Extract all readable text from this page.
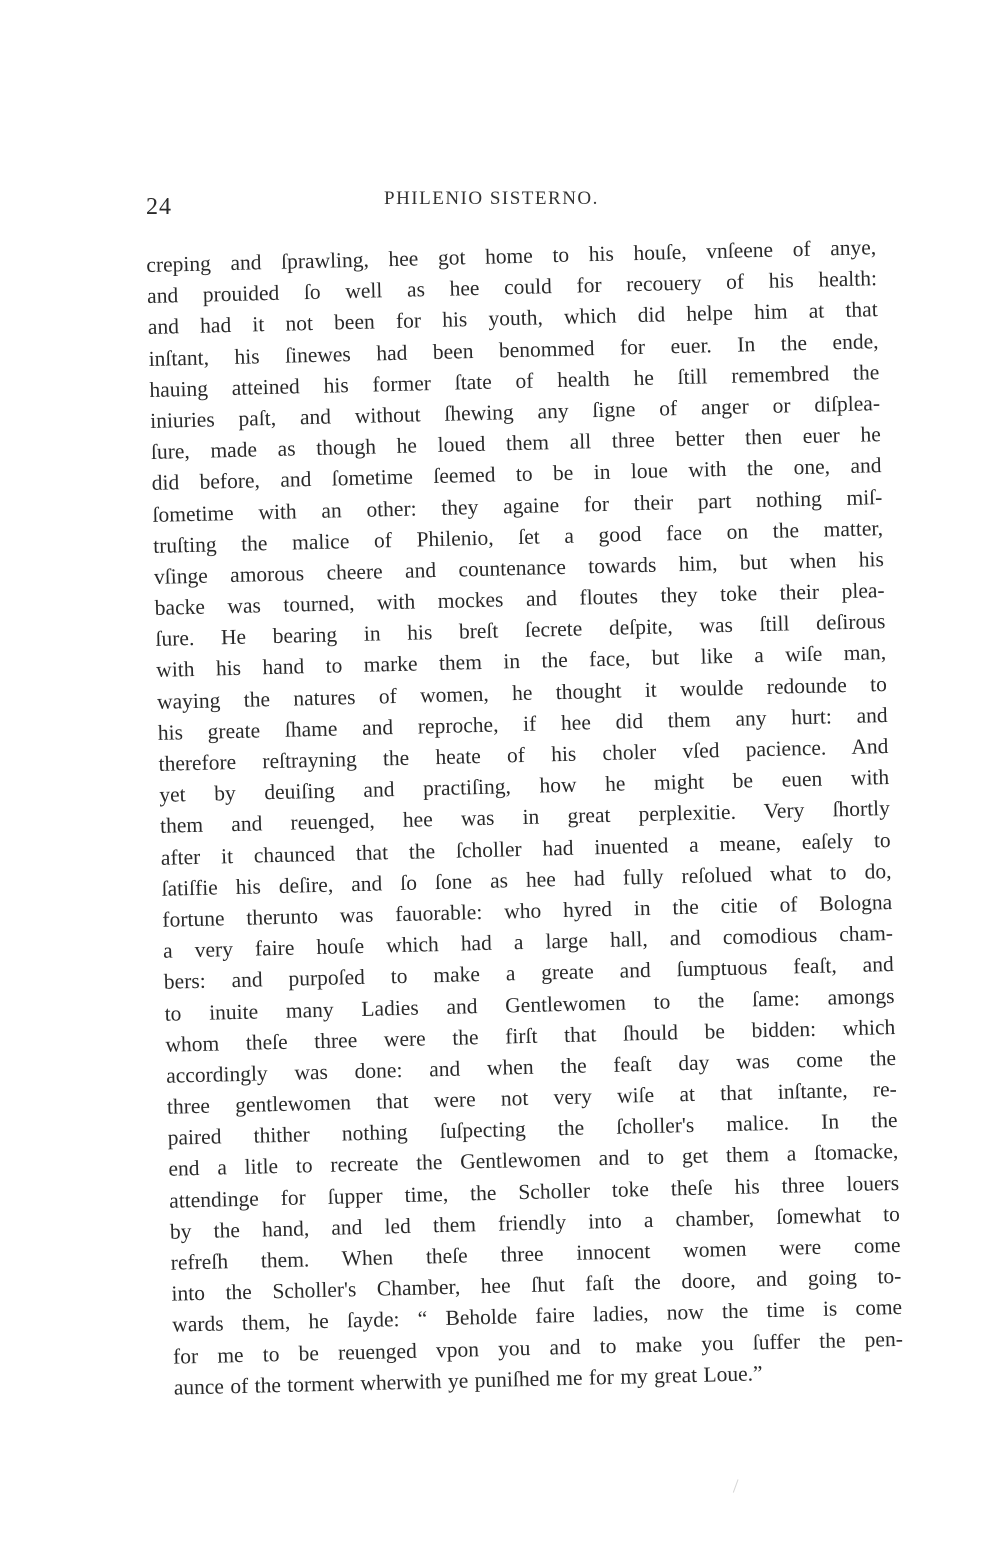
24	PHILENIO SISTERNO.
creping and ſprawling, hee got home to his houſe, vnſeene of anye,
and prouided ſo well as hee could for recouery of his health:
and had it not been for his youth, which did helpe him at that
inſtant, his ſinewes had been benommed for euer. In the ende,
hauing atteined his former ſtate of health he ſtill remembred the
iniuries paſt, and without ſhewing any ſigne of anger or diſplea-
ſure, made as though he loued them all three better then euer he
did before, and ſometime ſeemed to be in loue with the one, and
ſometime with an other: they againe for their part nothing miſ-
truſting the malice of Philenio, ſet a good face on the matter,
vſinge amorous cheere and countenance towards him, but when his
backe was tourned, with mockes and floutes they toke their plea-
ſure. He bearing in his breſt ſecrete deſpite, was ſtill deſirous
with his hand to marke them in the face, but like a wiſe man,
waying the natures of women, he thought it woulde redounde to
his greate ſhame and reproche, if hee did them any hurt: and
therefore reſtrayning the heate of his choler vſed pacience. And
yet by deuiſing and practiſing, how he might be euen with
them and reuenged, hee was in great perplexitie. Very ſhortly
after it chaunced that the ſcholler had inuented a meane, eaſely to
ſatiſfie his deſire, and ſo ſone as hee had fully reſolued what to do,
fortune therunto was fauorable: who hyred in the citie of Bologna
a very faire houſe which had a large hall, and comodious cham-
bers: and purpoſed to make a greate and ſumptuous feaſt, and
to inuite many Ladies and Gentlewomen to the ſame: amongs
whom theſe three were the firſt that ſhould be bidden: which
accordingly was done: and when the feaſt day was come the
three gentlewomen that were not very wiſe at that inſtante, re-
paired thither nothing ſuſpecting the ſcholler's malice. In the
end a litle to recreate the Gentlewomen and to get them a ſtomacke,
attendinge for ſupper time, the Scholler toke theſe his three louers
by the hand, and led them friendly into a chamber, ſomewhat to
refreſh them. When theſe three innocent women were come
into the Scholler's Chamber, hee ſhut faſt the doore, and going to-
wards them, he ſayde: “ Beholde faire ladies, now the time is come
for me to be reuenged vpon you and to make you ſuffer the pen-
aunce of the torment wherwith ye puniſhed me for my great Loue.”
